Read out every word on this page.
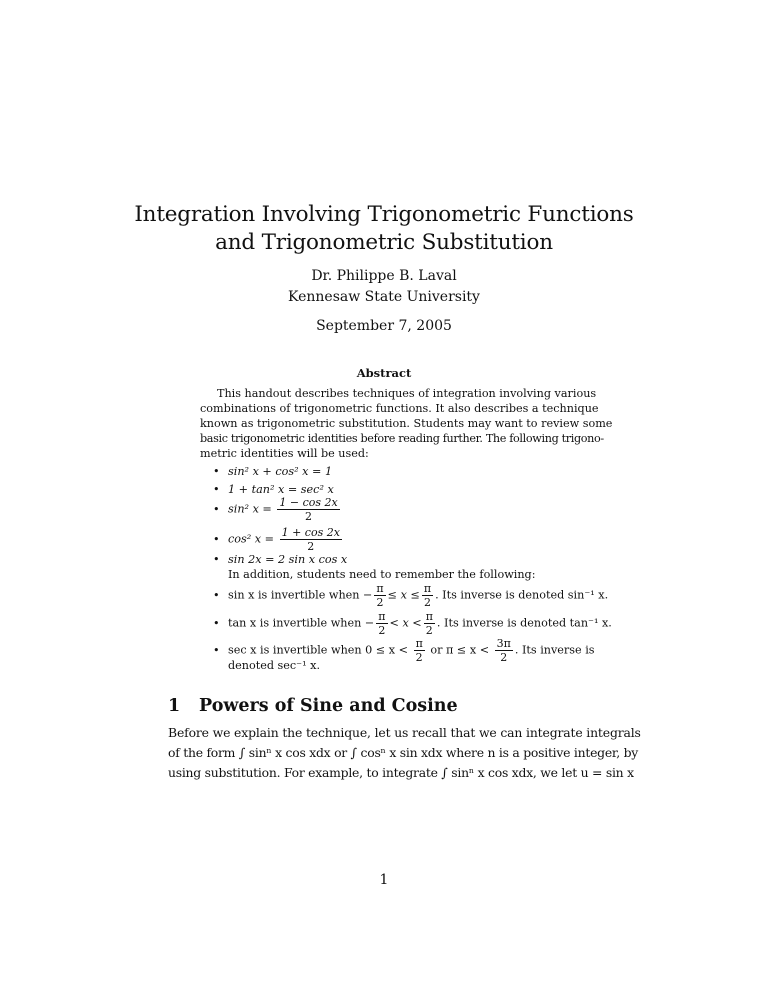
Integration Involving Trigonometric Functions
and Trigonometric Substitution
Dr. Philippe B. Laval
Kennesaw State University
September 7, 2005
Abstract
This handout describes techniques of integration involving various
combinations of trigonometric functions. It also describes a technique
known as trigonometric substitution. Students may want to review some
basic trigonometric identities before reading further. The following trigono-
metric identities will be used:
• sin² x + cos² x = 1
• 1 + tan² x = sec² x
• sin² $x = \frac{1 - \cos 2x}{2}$
• cos² $x = \frac{1 + \cos 2x}{2}$
• sin 2x = 2 sin x cos x
In addition, students need to remember the following:
• sin x is invertible when − $\frac{\pi}{2} \le x \le \frac{\pi}{2}$ . Its inverse is denoted sin⁻¹ x.
• tan x is invertible when − $\frac{\pi}{2} < x < \frac{\pi}{2}$ . Its inverse is denoted tan⁻¹ x.
• sec x is invertible when $0 \le x < \frac{\pi}{2}$ or $\pi \le x < \frac{3\pi}{2}$ . Its inverse is
denoted sec⁻¹ x.
1 Powers of Sine and Cosine
Before we explain the technique, let us recall that we can integrate integrals
of the form ∫ sinⁿ x cos xdx or ∫ cosⁿ x sin xdx where n is a positive integer, by
using substitution. For example, to integrate ∫ sinⁿ x cos xdx, we let u = sin x
1
